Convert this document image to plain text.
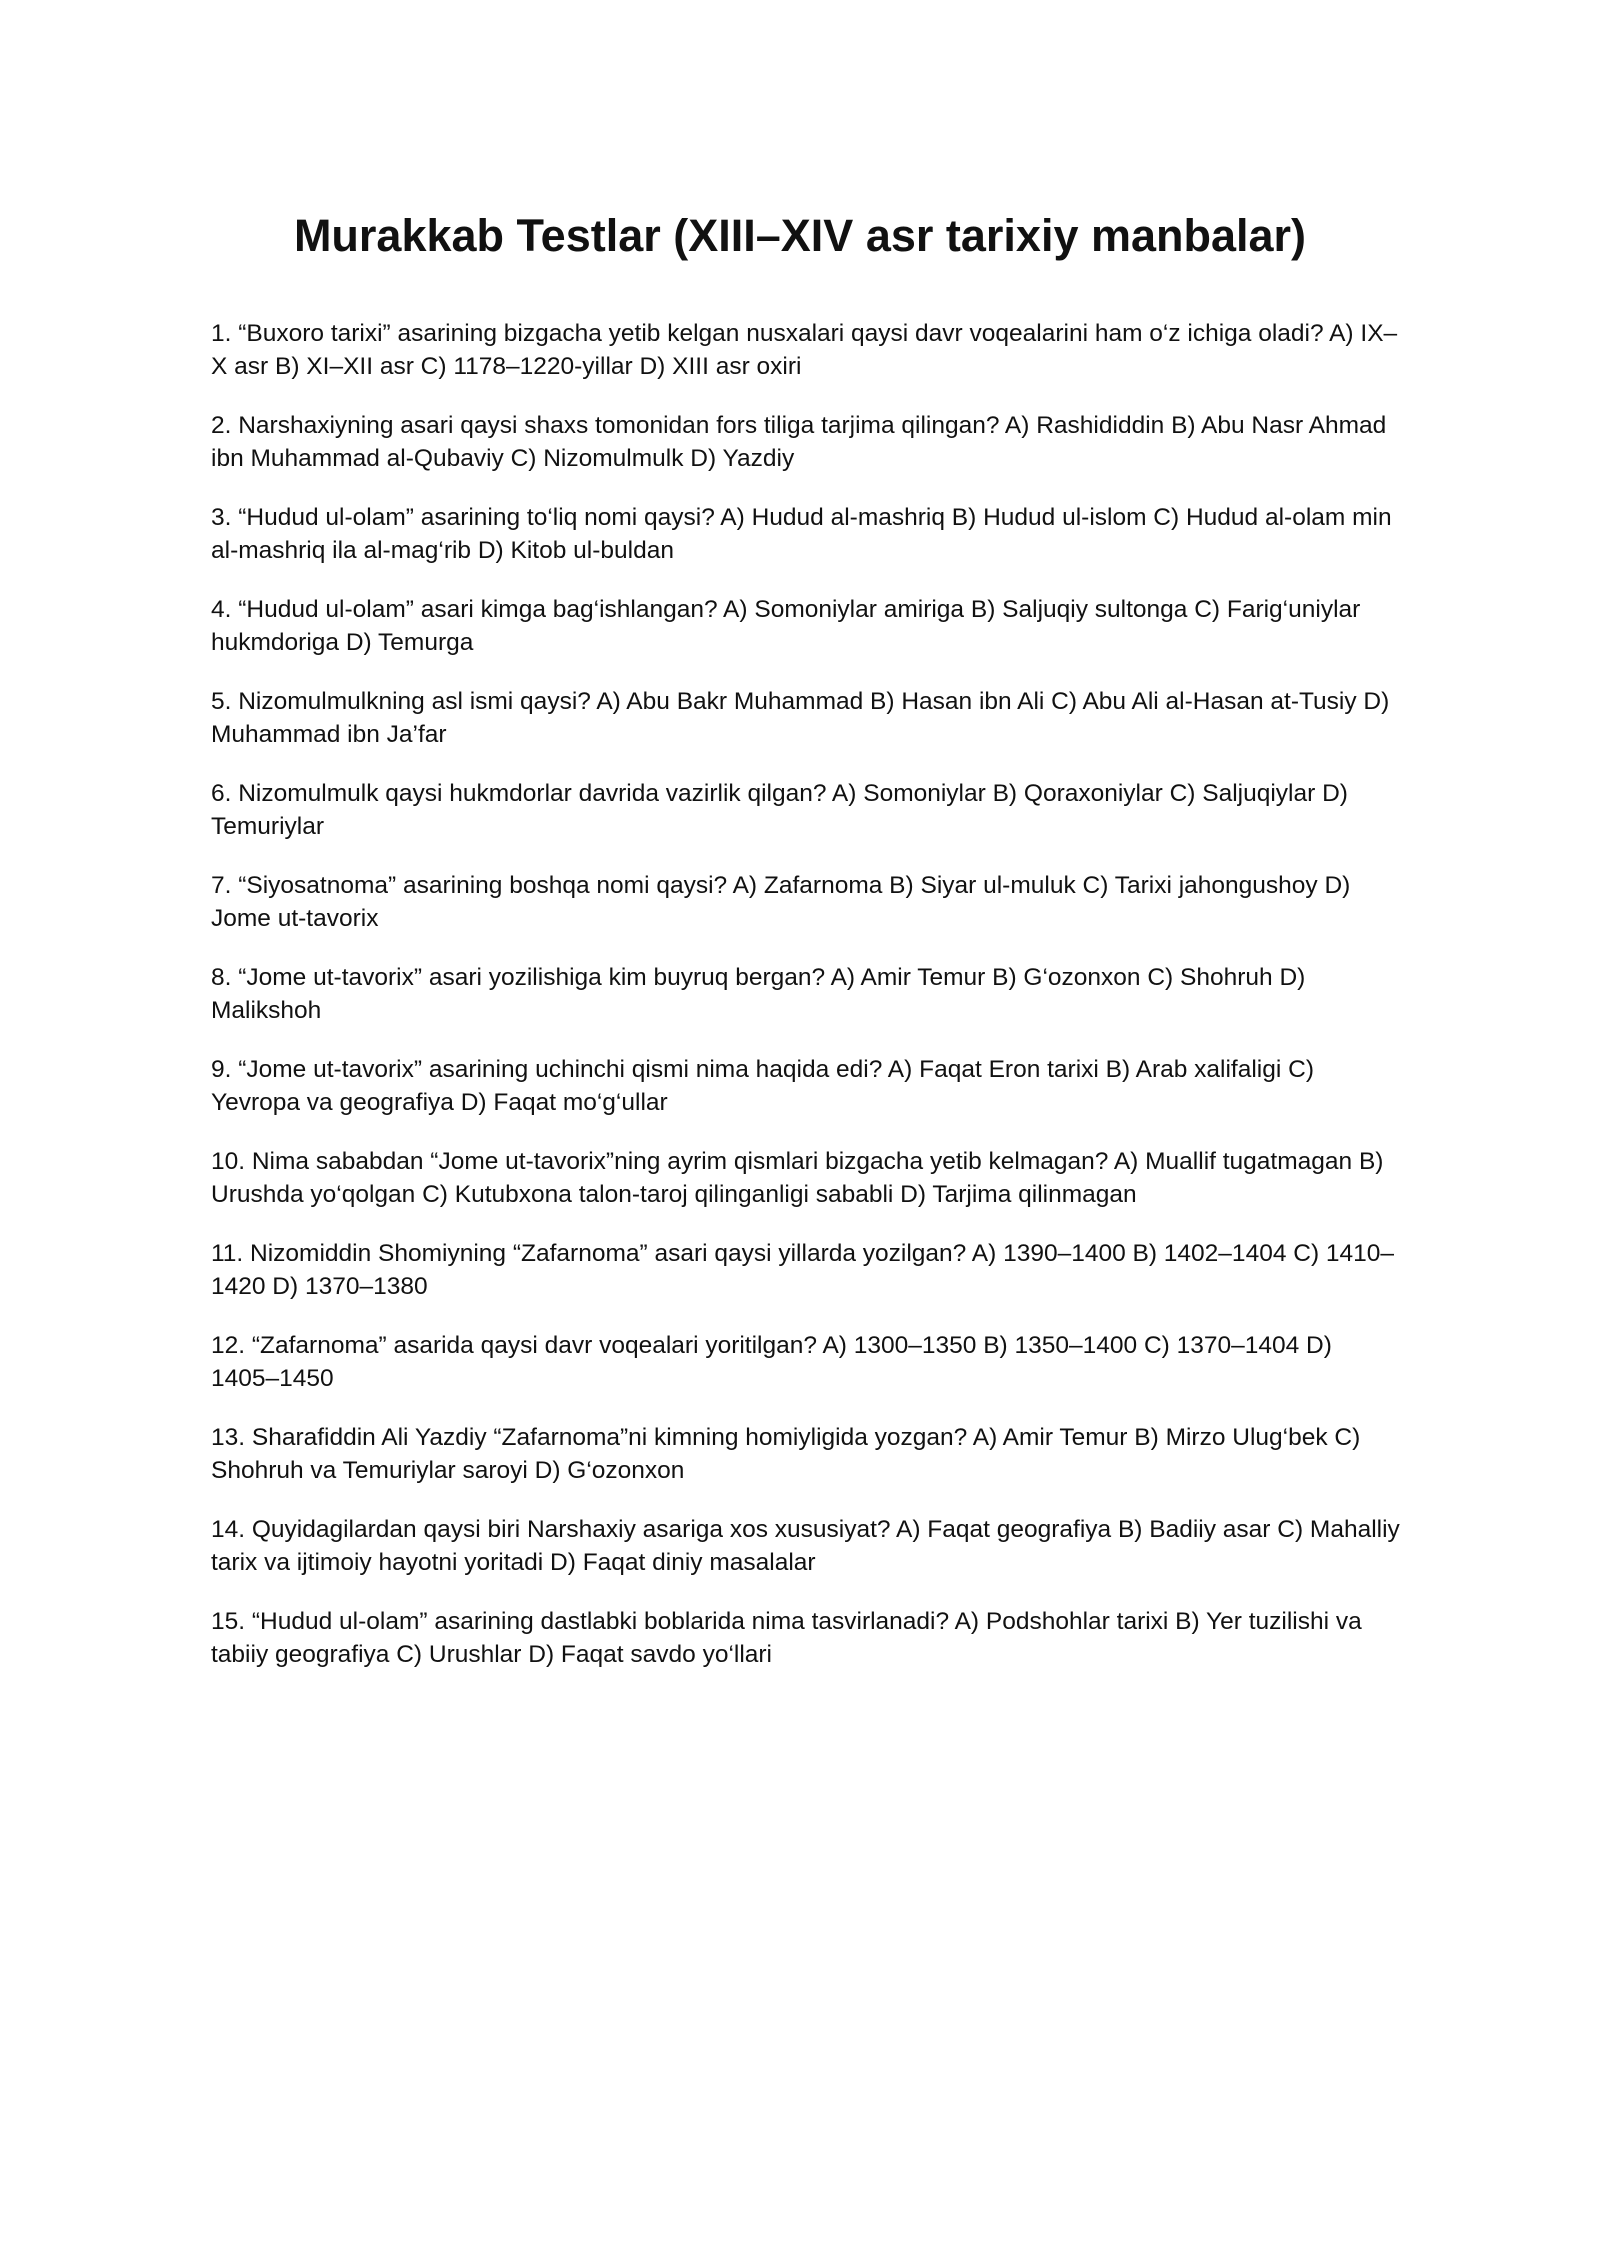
Murakkab Testlar (XIII–XIV asr tarixiy manbalar)
1. “Buxoro tarixi” asarining bizgacha yetib kelgan nusxalari qaysi davr voqealarini ham o‘z ichiga oladi? A) IX–X asr B) XI–XII asr C) 1178–1220-yillar D) XIII asr oxiri
2. Narshaxiyning asari qaysi shaxs tomonidan fors tiliga tarjima qilingan? A) Rashididdin B) Abu Nasr Ahmad ibn Muhammad al-Qubaviy C) Nizomulmulk D) Yazdiy
3. “Hudud ul-olam” asarining to‘liq nomi qaysi? A) Hudud al-mashriq B) Hudud ul-islom C) Hudud al-olam min al-mashriq ila al-mag‘rib D) Kitob ul-buldan
4. “Hudud ul-olam” asari kimga bag‘ishlangan? A) Somoniylar amiriga B) Saljuqiy sultonga C) Farig‘uniylar hukmdoriga D) Temurga
5. Nizomulmulkning asl ismi qaysi? A) Abu Bakr Muhammad B) Hasan ibn Ali C) Abu Ali al-Hasan at-Tusiy D) Muhammad ibn Ja’far
6. Nizomulmulk qaysi hukmdorlar davrida vazirlik qilgan? A) Somoniylar B) Qoraxoniylar C) Saljuqiylar D) Temuriylar
7. “Siyosatnoma” asarining boshqa nomi qaysi? A) Zafarnoma B) Siyar ul-muluk C) Tarixi jahongushoy D) Jome ut-tavorix
8. “Jome ut-tavorix” asari yozilishiga kim buyruq bergan? A) Amir Temur B) G‘ozonxon C) Shohruh D) Malikshoh
9. “Jome ut-tavorix” asarining uchinchi qismi nima haqida edi? A) Faqat Eron tarixi B) Arab xalifaligi C) Yevropa va geografiya D) Faqat mo‘g‘ullar
10. Nima sababdan “Jome ut-tavorix”ning ayrim qismlari bizgacha yetib kelmagan? A) Muallif tugatmagan B) Urushda yo‘qolgan C) Kutubxona talon-taroj qilinganligi sababli D) Tarjima qilinmagan
11. Nizomiddin Shomiyning “Zafarnoma” asari qaysi yillarda yozilgan? A) 1390–1400 B) 1402–1404 C) 1410–1420 D) 1370–1380
12. “Zafarnoma” asarida qaysi davr voqealari yoritilgan? A) 1300–1350 B) 1350–1400 C) 1370–1404 D) 1405–1450
13. Sharafiddin Ali Yazdiy “Zafarnoma”ni kimning homiyligida yozgan? A) Amir Temur B) Mirzo Ulug‘bek C) Shohruh va Temuriylar saroyi D) G‘ozonxon
14. Quyidagilardan qaysi biri Narshaxiy asariga xos xususiyat? A) Faqat geografiya B) Badiiy asar C) Mahalliy tarix va ijtimoiy hayotni yoritadi D) Faqat diniy masalalar
15. “Hudud ul-olam” asarining dastlabki boblarida nima tasvirlanadi? A) Podshohlar tarixi B) Yer tuzilishi va tabiiy geografiya C) Urushlar D) Faqat savdo yo‘llari
